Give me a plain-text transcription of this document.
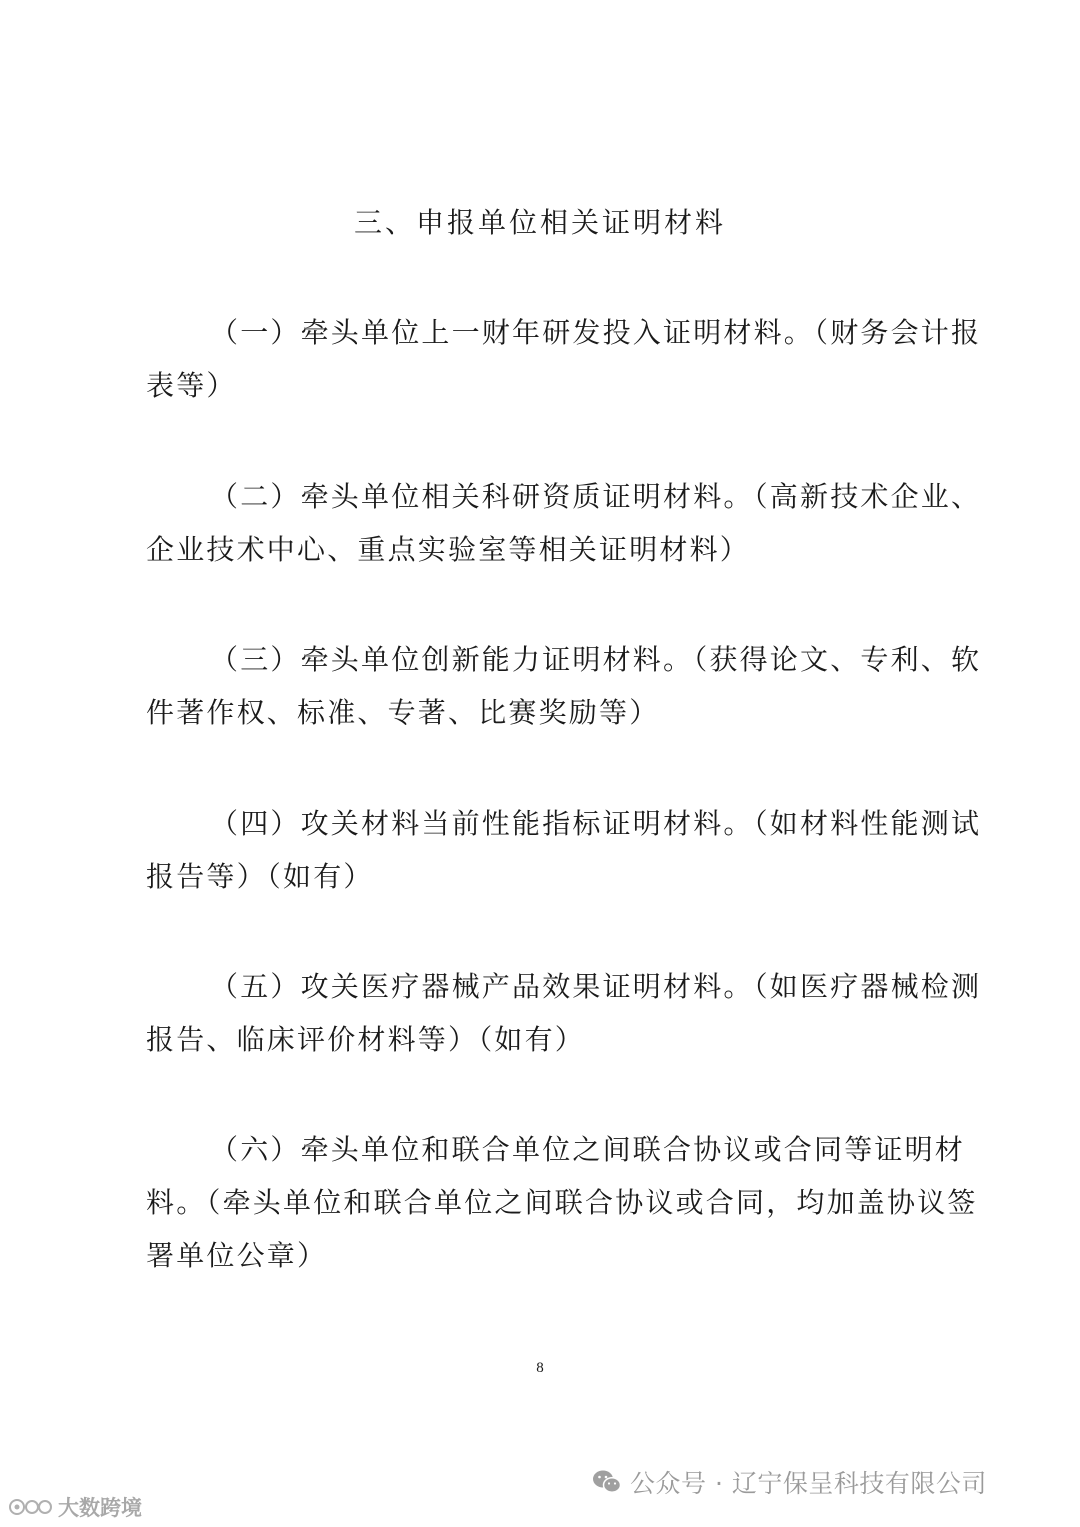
三、申报单位相关证明材料
（一）牵头单位上一财年研发投入证明材料。（财务会计报
表等）
（二）牵头单位相关科研资质证明材料。（高新技术企业、
企业技术中心、重点实验室等相关证明材料）
（三）牵头单位创新能力证明材料。（获得论文、专利、软
件著作权、标准、专著、比赛奖励等）
（四）攻关材料当前性能指标证明材料。（如材料性能测试
报告等）（如有）
（五）攻关医疗器械产品效果证明材料。（如医疗器械检测
报告、临床评价材料等）（如有）
（六）牵头单位和联合单位之间联合协议或合同等证明材
料。（牵头单位和联合单位之间联合协议或合同，均加盖协议签
署单位公章）
8
公众号 · 辽宁保呈科技有限公司
大数跨境
